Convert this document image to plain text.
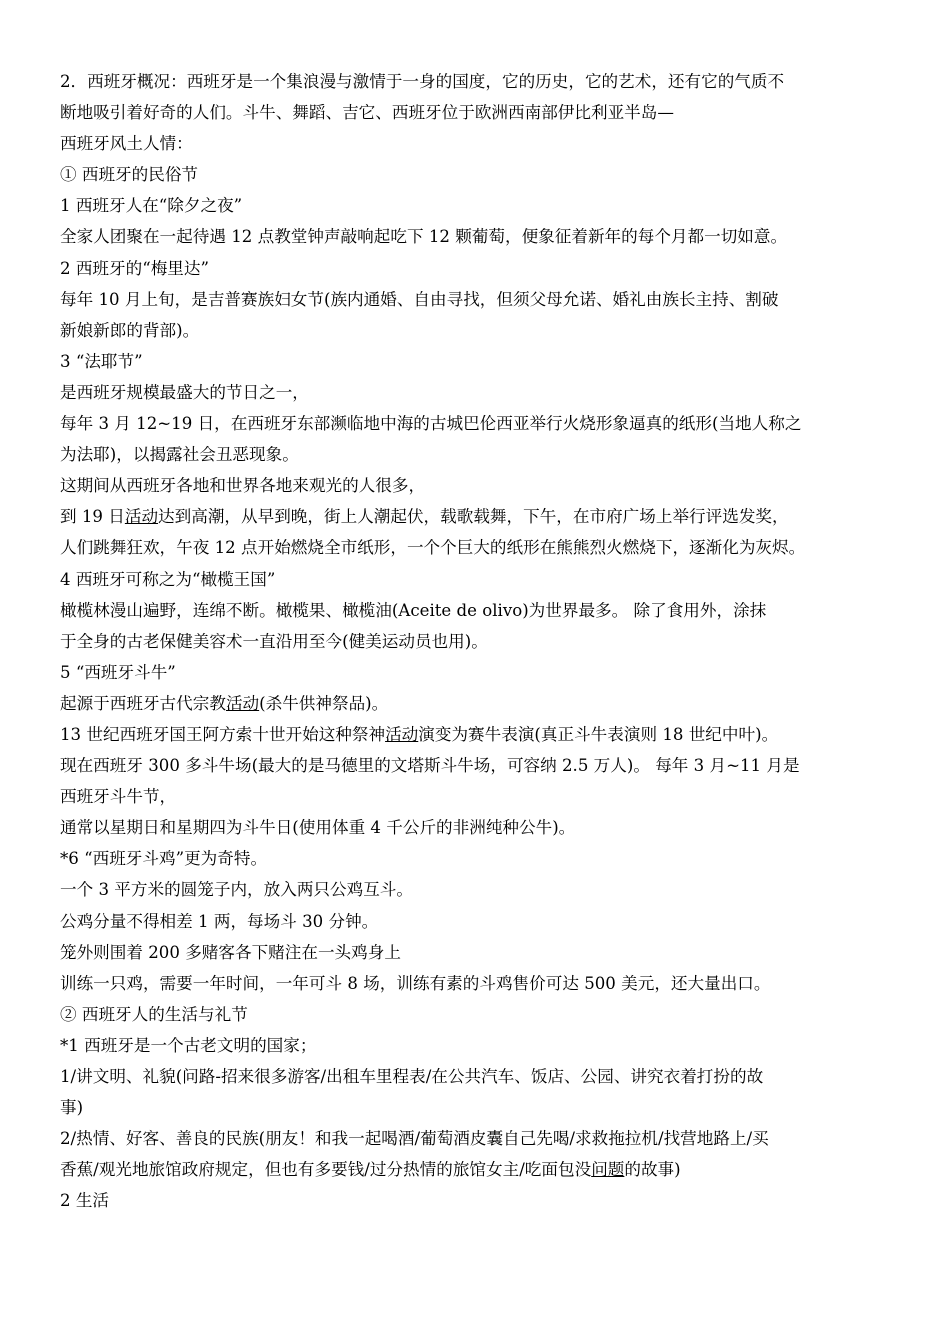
2．西班牙概况：西班牙是一个集浪漫与激情于一身的国度，它的历史，它的艺术，还有它的气质不
断地吸引着好奇的人们。斗牛、舞蹈、吉它、西班牙位于欧洲西南部伊比利亚半岛—
西班牙风土人情：
① 西班牙的民俗节
1 西班牙人在“除夕之夜”
全家人团聚在一起待遇 12 点教堂钟声敲响起吃下 12 颗葡萄，便象征着新年的每个月都一切如意。
2 西班牙的“梅里达”
每年 10 月上旬，是吉普赛族妇女节(族内通婚、自由寻找，但须父母允诺、婚礼由族长主持、割破
新娘新郎的背部)。
3 “法耶节”
是西班牙规模最盛大的节日之一，
每年 3 月 12~19 日，在西班牙东部濒临地中海的古城巴伦西亚举行火烧形象逼真的纸形(当地人称之
为法耶)，以揭露社会丑恶现象。
这期间从西班牙各地和世界各地来观光的人很多，
到 19 日活动达到高潮，从早到晚，街上人潮起伏，载歌载舞，下午，在市府广场上举行评选发奖，
人们跳舞狂欢，午夜 12 点开始燃烧全市纸形，一个个巨大的纸形在熊熊烈火燃烧下，逐渐化为灰烬。
4 西班牙可称之为“橄榄王国”
橄榄林漫山遍野，连绵不断。橄榄果、橄榄油(Aceite de olivo)为世界最多。 除了食用外，涂抹
于全身的古老保健美容术一直沿用至今(健美运动员也用)。
5 “西班牙斗牛”
起源于西班牙古代宗教活动(杀牛供神祭品)。
13 世纪西班牙国王阿方索十世开始这种祭神活动演变为赛牛表演(真正斗牛表演则 18 世纪中叶)。
现在西班牙 300 多斗牛场(最大的是马德里的文塔斯斗牛场，可容纳 2.5 万人)。 每年 3 月~11 月是
西班牙斗牛节，
通常以星期日和星期四为斗牛日(使用体重 4 千公斤的非洲纯种公牛)。
*6 “西班牙斗鸡”更为奇特。
一个 3 平方米的圆笼子内，放入两只公鸡互斗。
公鸡分量不得相差 1 两，每场斗 30 分钟。
笼外则围着 200 多赌客各下赌注在一头鸡身上
训练一只鸡，需要一年时间，一年可斗 8 场，训练有素的斗鸡售价可达 500 美元，还大量出口。
② 西班牙人的生活与礼节
*1 西班牙是一个古老文明的国家；
1/讲文明、礼貌(问路-招来很多游客/出租车里程表/在公共汽车、饭店、公园、讲究衣着打扮的故
事)
2/热情、好客、善良的民族(朋友！和我一起喝酒/葡萄酒皮囊自己先喝/求救拖拉机/找营地路上/买
香蕉/观光地旅馆政府规定，但也有多要钱/过分热情的旅馆女主/吃面包没问题的故事)
2 生活
